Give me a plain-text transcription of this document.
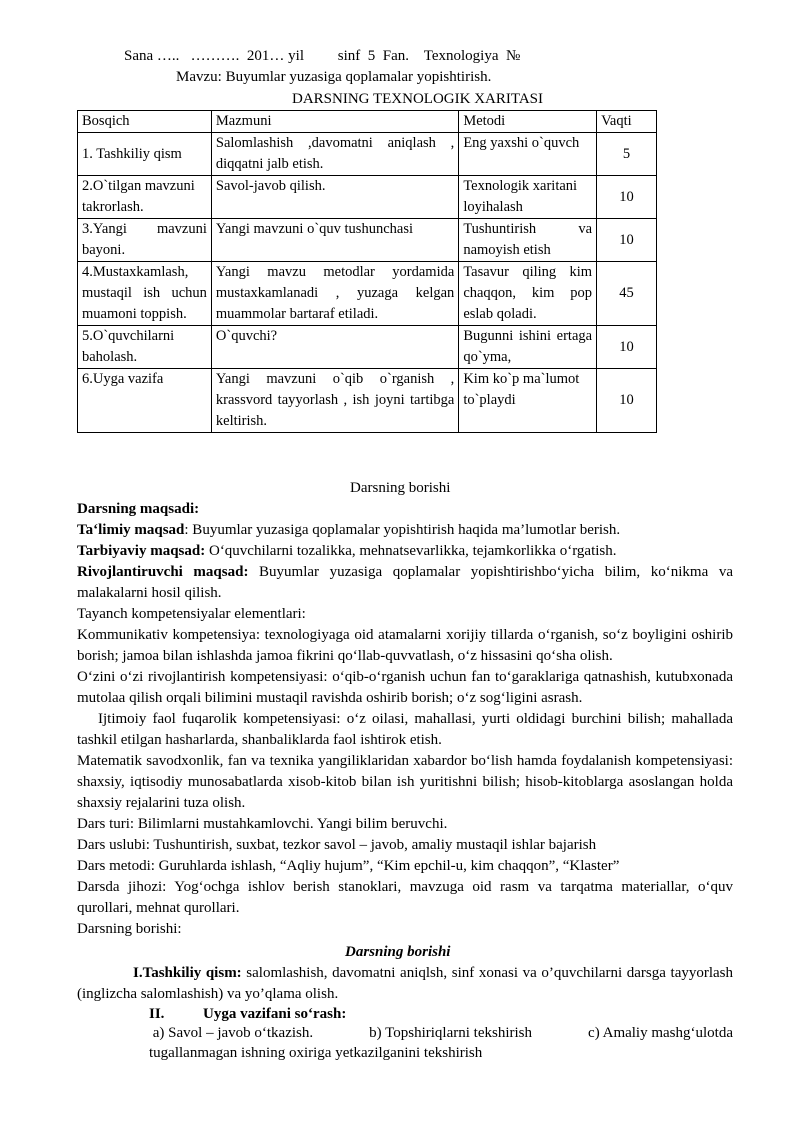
Sana …..   ……….  201… yil         sinf  5  Fan.    Texnologiya  №
Mavzu: Buyumlar yuzasiga qoplamalar yopishtirish.
DARSNING TEXNOLOGIK XARITASI
Bosqich	Mazmuni	Metodi	Vaqti
1. Tashkiliy qism	Salomlashish ,davomatni aniqlash , diqqatni jalb etish.	Eng yaxshi o`quvch	5
2.O`tilgan mavzuni takrorlash.	Savol-javob qilish.	Texnologik xaritani loyihalash	10
3.Yangi mavzuni bayoni.	Yangi mavzuni o`quv tushunchasi	Tushuntirish va namoyish etish	10
4.Mustaxkamlash, mustaqil ish uchun muamoni toppish.	Yangi mavzu metodlar yordamida mustaxkamlanadi , yuzaga kelgan muammolar bartaraf etiladi.	Tasavur qiling kim chaqqon, kim pop eslab qoladi.	45
5.O`quvchilarni baholash.	O`quvchi?	Bugunni ishini ertaga qo`yma,	10
6.Uyga vazifa	Yangi mavzuni o`qib o`rganish , krassvord tayyorlash , ish joyni tartibga keltirish.	Kim ko`p ma`lumot to`playdi	10
Darsning borishi
Darsning maqsadi:
Ta‘limiy maqsad: Buyumlar yuzasiga qoplamalar yopishtirish haqida ma’lumotlar berish.
Tarbiyaviy maqsad: O‘quvchilarni tozalikka, mehnatsevarlikka, tejamkorlikka o‘rgatish.
Rivojlantiruvchi maqsad: Buyumlar yuzasiga qoplamalar yopishtirishbo‘yicha bilim, ko‘nikma va malakalarni hosil qilish.
Tayanch kompetensiyalar elementlari:
Kommunikativ kompetensiya: texnologiyaga oid atamalarni xorijiy tillarda o‘rganish, so‘z boyligini oshirib borish; jamoa bilan ishlashda jamoa fikrini qo‘llab-quvvatlash, o‘z hissasini qo‘sha olish.
O‘zini o‘zi rivojlantirish kompetensiyasi: o‘qib-o‘rganish uchun fan to‘garaklariga qatnashish, kutubxonada mutolaa qilish orqali bilimini mustaqil ravishda oshirib borish; o‘z sog‘ligini asrash.
Ijtimoiy faol fuqarolik kompetensiyasi: o‘z oilasi, mahallasi, yurti oldidagi burchini bilish; mahallada tashkil etilgan hasharlarda, shanbaliklarda faol ishtirok etish.
Matematik savodxonlik, fan va texnika yangiliklaridan xabardor bo‘lish hamda foydalanish kompetensiyasi: shaxsiy, iqtisodiy munosabatlarda xisob-kitob bilan ish yuritishni bilish; hisob-kitoblarga asoslangan holda shaxsiy rejalarini tuza olish.
Dars turi: Bilimlarni mustahkamlovchi. Yangi bilim beruvchi.
Dars uslubi: Tushuntirish, suxbat, tezkor savol – javob, amaliy mustaqil ishlar bajarish
Dars metodi: Guruhlarda ishlash, “Aqliy hujum”, “Kim epchil-u, kim chaqqon”, “Klaster”
Darsda jihozi: Yog‘ochga ishlov berish stanoklari, mavzuga oid rasm va tarqatma materiallar, o‘quv qurollari, mehnat qurollari.
Darsning borishi:
Darsning borishi
I.Tashkiliy qism: salomlashish, davomatni aniqlsh, sinf xonasi va o’quvchilarni darsga tayyorlash (inglizcha salomlashish) va yo’qlama olish.
II.	Uyga vazifani so‘rash:
a) Savol – javob o‘tkazish.	b) Topshiriqlarni tekshirish	c) Amaliy mashg‘ulotda
tugallanmagan ishning oxiriga yetkazilganini tekshirish
